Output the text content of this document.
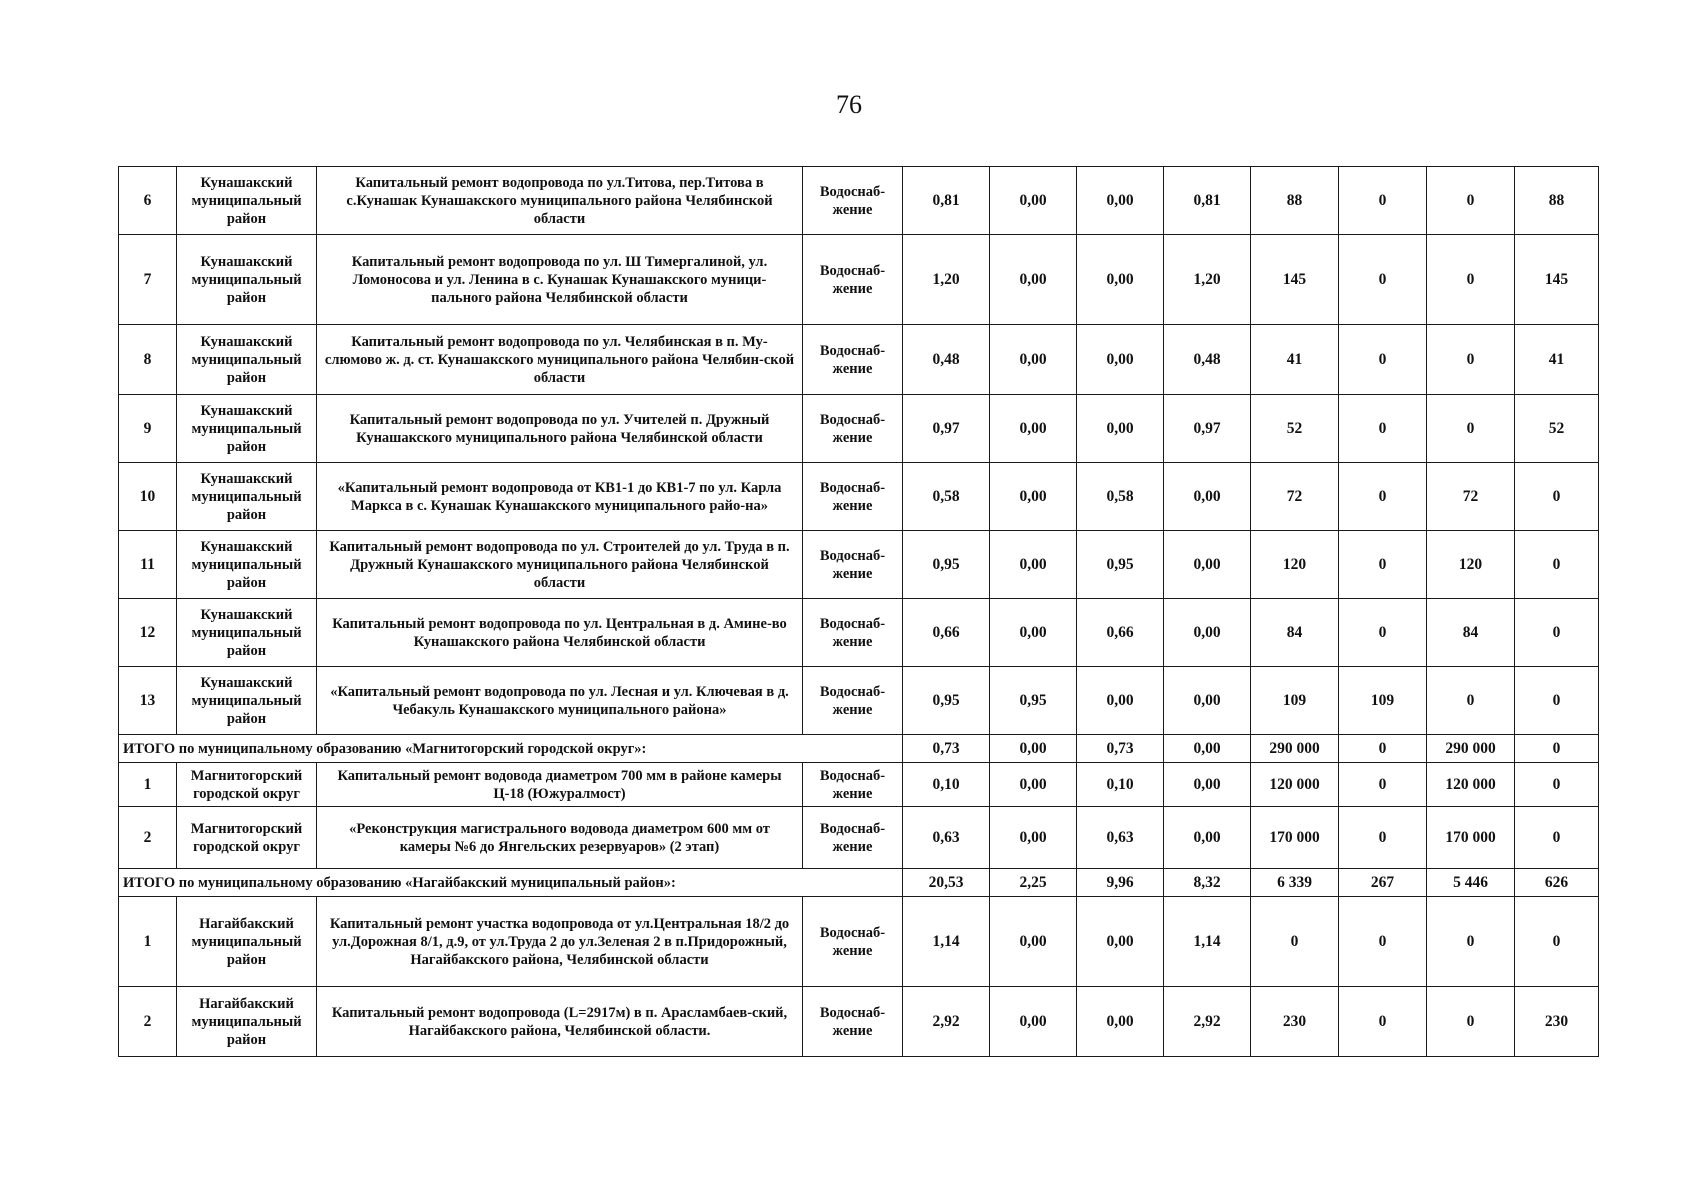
76
6	Кунашакский муниципальный район	Капитальный ремонт водопровода по ул.Титова, пер.Титова в с.Кунашак Кунашакского муниципального района Челябинской области	Водоснаб-жение	0,81	0,00	0,00	0,81	88	0	0	88
7	Кунашакский муниципальный район	Капитальный ремонт водопровода по ул. Ш Тимергалиной, ул. Ломоносова и ул. Ленина в с. Кунашак Кунашакского муници-пального района Челябинской области	Водоснаб-жение	1,20	0,00	0,00	1,20	145	0	0	145
8	Кунашакский муниципальный район	Капитальный ремонт водопровода по ул. Челябинская в п. Му-слюмово ж. д. ст. Кунашакского муниципального района Челябин-ской области	Водоснаб-жение	0,48	0,00	0,00	0,48	41	0	0	41
9	Кунашакский муниципальный район	Капитальный ремонт водопровода по ул. Учителей п. Дружный Кунашакского муниципального района Челябинской области	Водоснаб-жение	0,97	0,00	0,00	0,97	52	0	0	52
10	Кунашакский муниципальный район	«Капитальный ремонт водопровода от КВ1-1 до КВ1-7 по ул. Карла Маркса в с. Кунашак Кунашакского муниципального райо-на»	Водоснаб-жение	0,58	0,00	0,58	0,00	72	0	72	0
11	Кунашакский муниципальный район	Капитальный ремонт водопровода по ул. Строителей до ул. Труда в п. Дружный Кунашакского муниципального района Челябинской области	Водоснаб-жение	0,95	0,00	0,95	0,00	120	0	120	0
12	Кунашакский муниципальный район	Капитальный ремонт водопровода по ул. Центральная в д. Амине-во Кунашакского района Челябинской области	Водоснаб-жение	0,66	0,00	0,66	0,00	84	0	84	0
13	Кунашакский муниципальный район	«Капитальный ремонт водопровода по ул. Лесная и ул. Ключевая в д. Чебакуль Кунашакского муниципального района»	Водоснаб-жение	0,95	0,95	0,00	0,00	109	109	0	0
ИТОГО по муниципальному образованию «Магнитогорский городской округ»:				0,73	0,00	0,73	0,00	290 000	0	290 000	0
1	Магнитогорский городской округ	Капитальный ремонт водовода диаметром 700 мм в районе камеры Ц-18 (Южуралмост)	Водоснаб-жение	0,10	0,00	0,10	0,00	120 000	0	120 000	0
2	Магнитогорский городской округ	«Реконструкция магистрального водовода диаметром 600 мм от камеры №6 до Янгельских резервуаров» (2 этап)	Водоснаб-жение	0,63	0,00	0,63	0,00	170 000	0	170 000	0
ИТОГО по муниципальному образованию «Нагайбакский муниципальный район»:				20,53	2,25	9,96	8,32	6 339	267	5 446	626
1	Нагайбакский муниципальный район	Капитальный ремонт участка водопровода от ул.Центральная 18/2 до ул.Дорожная 8/1, д.9, от ул.Труда 2 до ул.Зеленая 2 в п.Придорожный, Нагайбакского района, Челябинской области	Водоснаб-жение	1,14	0,00	0,00	1,14	0	0	0	0
2	Нагайбакский муниципальный район	Капитальный ремонт водопровода (L=2917м) в п. Арасламбаев-ский, Нагайбакского района, Челябинской области.	Водоснаб-жение	2,92	0,00	0,00	2,92	230	0	0	230
